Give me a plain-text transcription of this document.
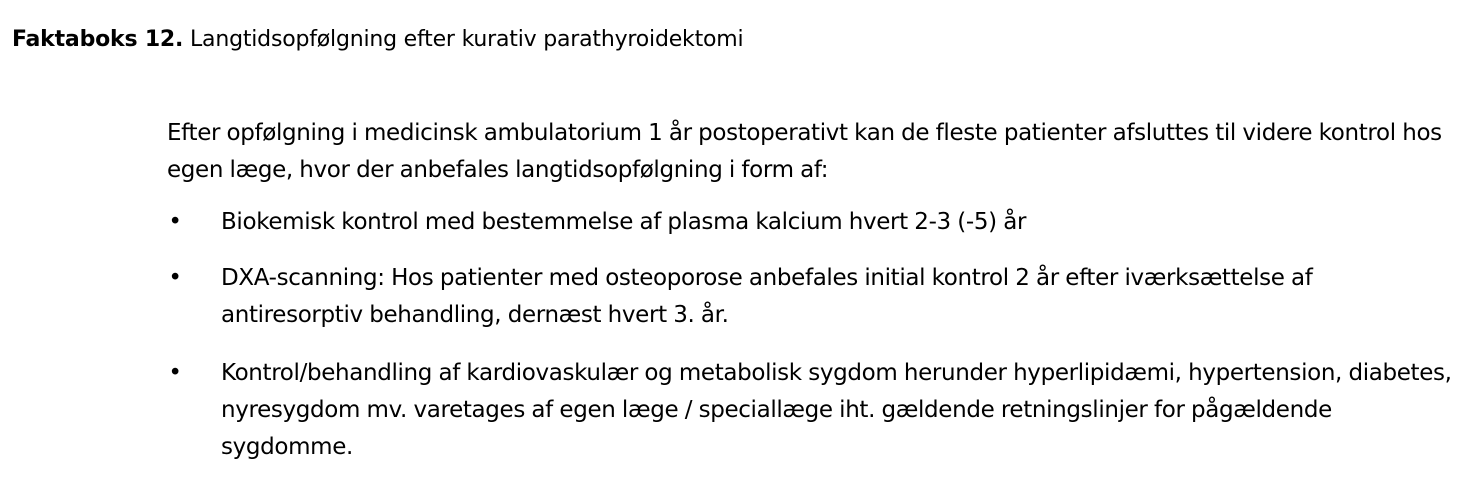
Faktaboks 12. Langtidsopfølgning efter kurativ parathyroidektomi

Efter opfølgning i medicinsk ambulatorium 1 år postoperativt kan de fleste patienter afsluttes til videre kontrol hos egen læge, hvor der anbefales langtidsopfølgning i form af:

• Biokemisk kontrol med bestemmelse af plasma kalcium hvert 2-3 (-5) år
• DXA-scanning: Hos patienter med osteoporose anbefales initial kontrol 2 år efter iværksættelse af antiresorptiv behandling, dernæst hvert 3. år.
• Kontrol/behandling af kardiovaskulær og metabolisk sygdom herunder hyperlipidæmi, hypertension, diabetes, nyresygdom mv. varetages af egen læge / speciallæge iht. gældende retningslinjer for pågældende sygdomme.
